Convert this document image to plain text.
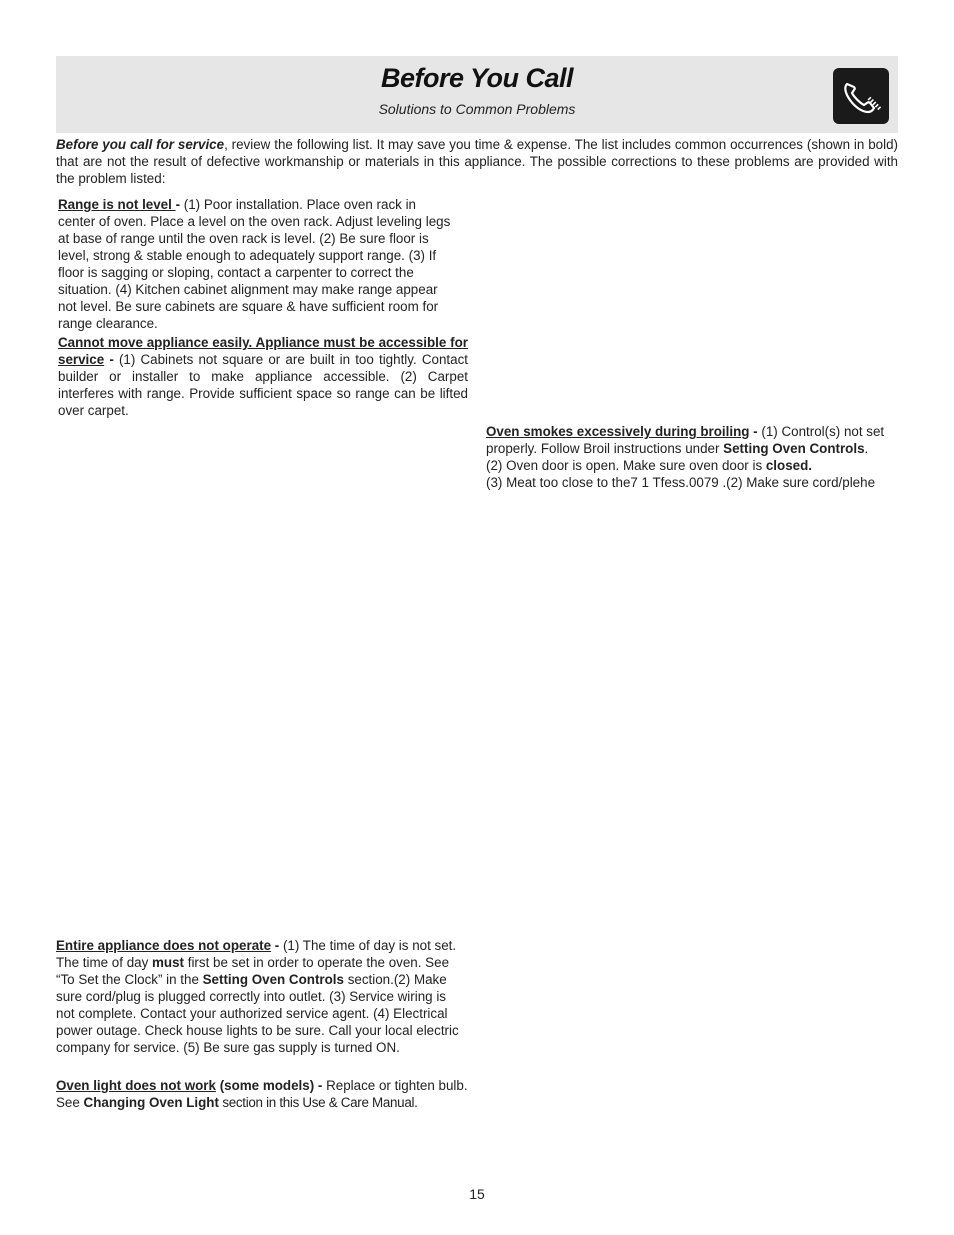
Before You Call
Solutions to Common Problems
Before you call for service, review the following list. It may save you time & expense. The list includes common occurrences (shown in bold) that are not the result of defective workmanship or materials in this appliance. The possible corrections to these problems are provided with the problem listed:
Range is not level - (1) Poor installation. Place oven rack in center of oven. Place a level on the oven rack. Adjust leveling legs at base of range until the oven rack is level. (2) Be sure floor is level, strong & stable enough to adequately support range. (3) If floor is sagging or sloping, contact a carpenter to correct the situation. (4) Kitchen cabinet alignment may make range appear not level. Be sure cabinets are square & have sufficient room for range clearance.
Cannot move appliance easily. Appliance must be accessible for service - (1) Cabinets not square or are built in too tightly. Contact builder or installer to make appliance accessible. (2) Carpet interferes with range. Provide sufficient space so range can be lifted over carpet.
Oven smokes excessively during broiling - (1) Control(s) not set properly. Follow Broil instructions under Setting Oven Controls. (2) Oven door is open. Make sure oven door is closed. (3) Meat too close to the7 1 Tfess.0079 .(2) Make sure cord/plehe
Entire appliance does not operate - (1) The time of day is not set. The time of day must first be set in order to operate the oven. See “To Set the Clock” in the Setting Oven Controls section.(2) Make sure cord/plug is plugged correctly into outlet. (3) Service wiring is not complete. Contact your authorized service agent. (4) Electrical power outage. Check house lights to be sure. Call your local electric company for service. (5) Be sure gas supply is turned ON.
Oven light does not work (some models) - Replace or tighten bulb. See Changing Oven Light section in this Use & Care Manual.
15
